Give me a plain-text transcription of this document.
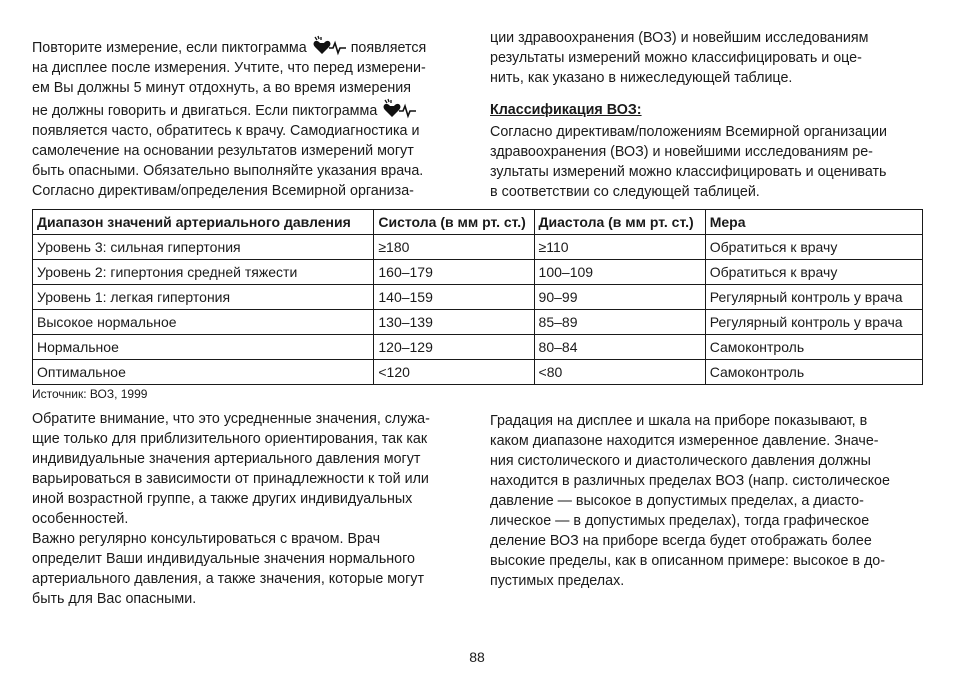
Повторите измерение, если пиктограмма	появляется
на дисплее после измерения. Учтите, что перед измерени-
ем Вы должны 5 минут отдохнуть, а во время измерения
не должны говорить и двигаться. Если пиктограмма
появляется часто, обратитесь к врачу. Самодиагностика и
самолечение на основании результатов измерений могут
быть опасными. Обязательно выполняйте указания врача.
Согласно директивам/определения Всемирной организа-
ции здравоохранения (ВОЗ) и новейшим исследованиям
результаты измерений можно классифицировать и оце-
нить, как указано в нижеследующей таблице.
Классификация ВОЗ:
Согласно директивам/положениям Всемирной организации
здравоохранения (ВОЗ) и новейшими исследованиям ре-
зультаты измерений можно классифицировать и оценивать
в соответствии со следующей таблицей.
Диапазон значений артериального давления	Систола (в мм рт. ст.)	Диастола (в мм рт. ст.)	Мера
Уровень 3: сильная гипертония	≥180	≥110	Обратиться к врачу
Уровень 2: гипертония средней тяжести	160–179	100–109	Обратиться к врачу
Уровень 1: легкая гипертония	140–159	90–99	Регулярный контроль у врача
Высокое нормальное	130–139	85–89	Регулярный контроль у врача
Нормальное	120–129	80–84	Самоконтроль
Оптимальное	<120	<80	Самоконтроль
Источник: ВОЗ, 1999
Обратите внимание, что это усредненные значения, служа-
щие только для приблизительного ориентирования, так как
индивидуальные значения артериального давления могут
варьироваться в зависимости от принадлежности к той или
иной возрастной группе, а также других индивидуальных
особенностей.
Важно регулярно консультироваться с врачом. Врач
определит Ваши индивидуальные значения нормального
артериального давления, а также значения, которые могут
быть для Вас опасными.
Градация на дисплее и шкала на приборе показывают, в
каком диапазоне находится измеренное давление. Значе-
ния систолического и диастолического давления должны
находится в различных пределах ВОЗ (напр. систолическое
давление — высокое в допустимых пределах, а диасто-
лическое — в допустимых пределах), тогда графическое
деление ВОЗ на приборе всегда будет отображать более
высокие пределы, как в описанном примере: высокое в до-
пустимых пределах.
88
